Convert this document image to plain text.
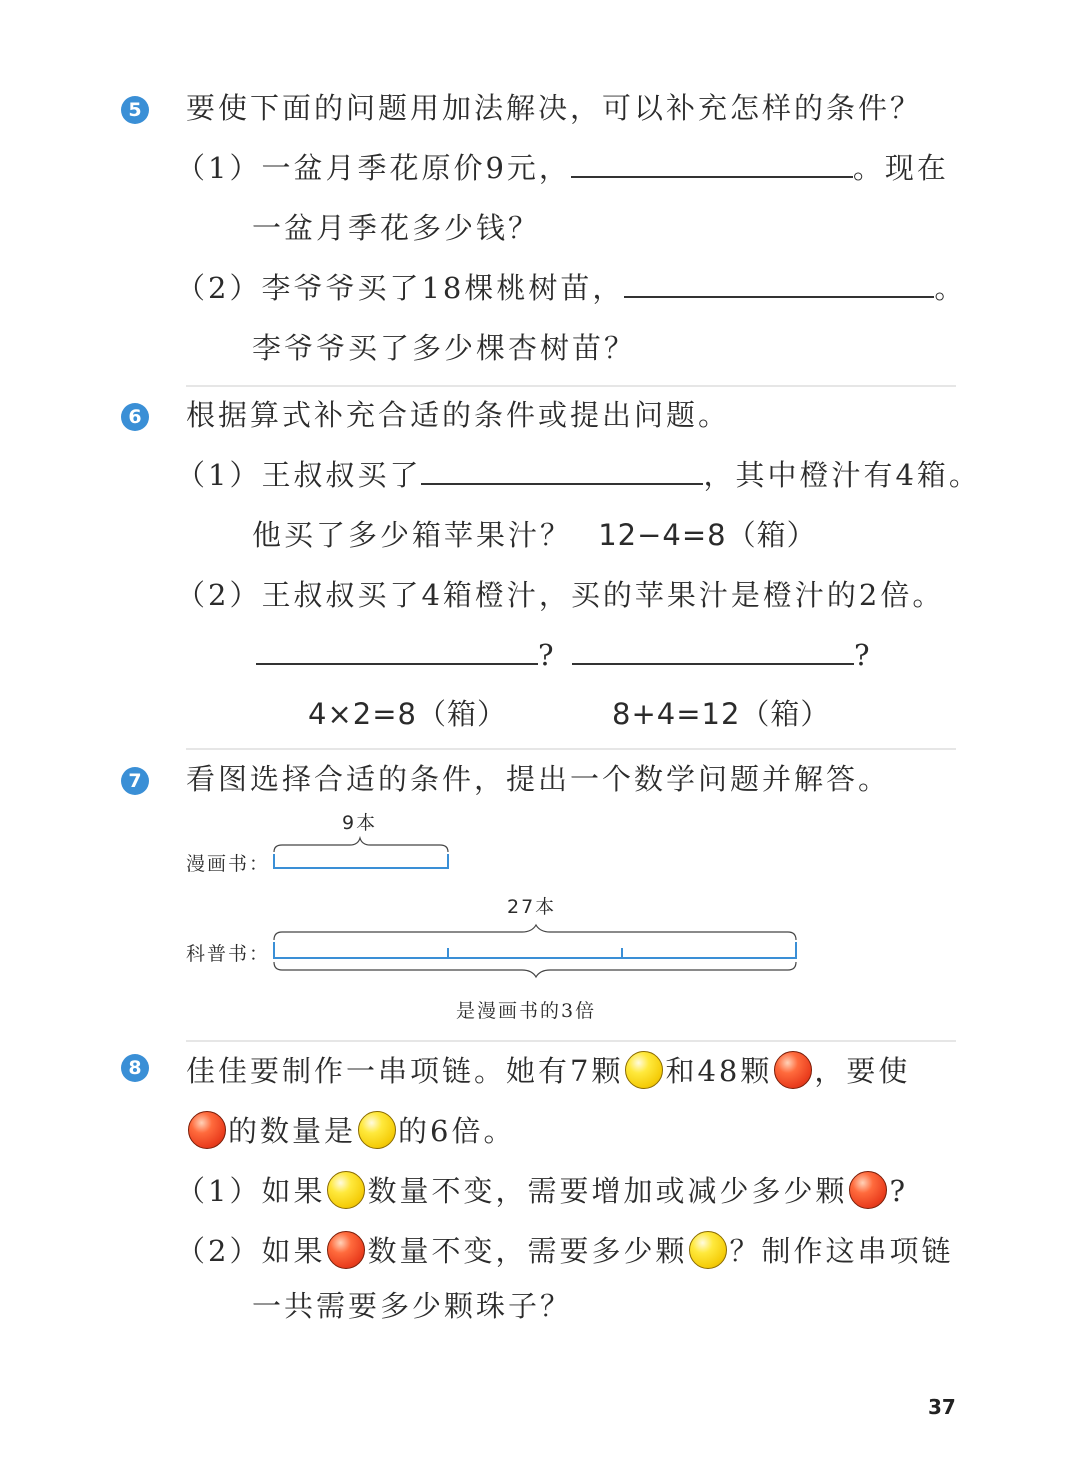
5 要使下面的问题用加法解决，可以补充怎样的条件？
（1）一盆月季花原价9元，	。现在
一盆月季花多少钱？
（2）李爷爷买了18棵桃树苗，	。
李爷爷买了多少棵杏树苗？
6 根据算式补充合适的条件或提出问题。
（1）王叔叔买了	，其中橙汁有4箱。
他买了多少箱苹果汁？ 12−4=8（箱）
（2）王叔叔买了4箱橙汁，买的苹果汁是橙汁的2倍。
?	?
4×2=8（箱）	8+4=12（箱）
7 看图选择合适的条件，提出一个数学问题并解答。
漫画书：
9本
科普书：
27本
是漫画书的3倍
8 佳佳要制作一串项链。她有7颗 和48颗 ，要使
的数量是 的6倍。
（1）如果 数量不变，需要增加或减少多少颗 ?
（2）如果 数量不变，需要多少颗 ？制作这串项链
一共需要多少颗珠子？
37
